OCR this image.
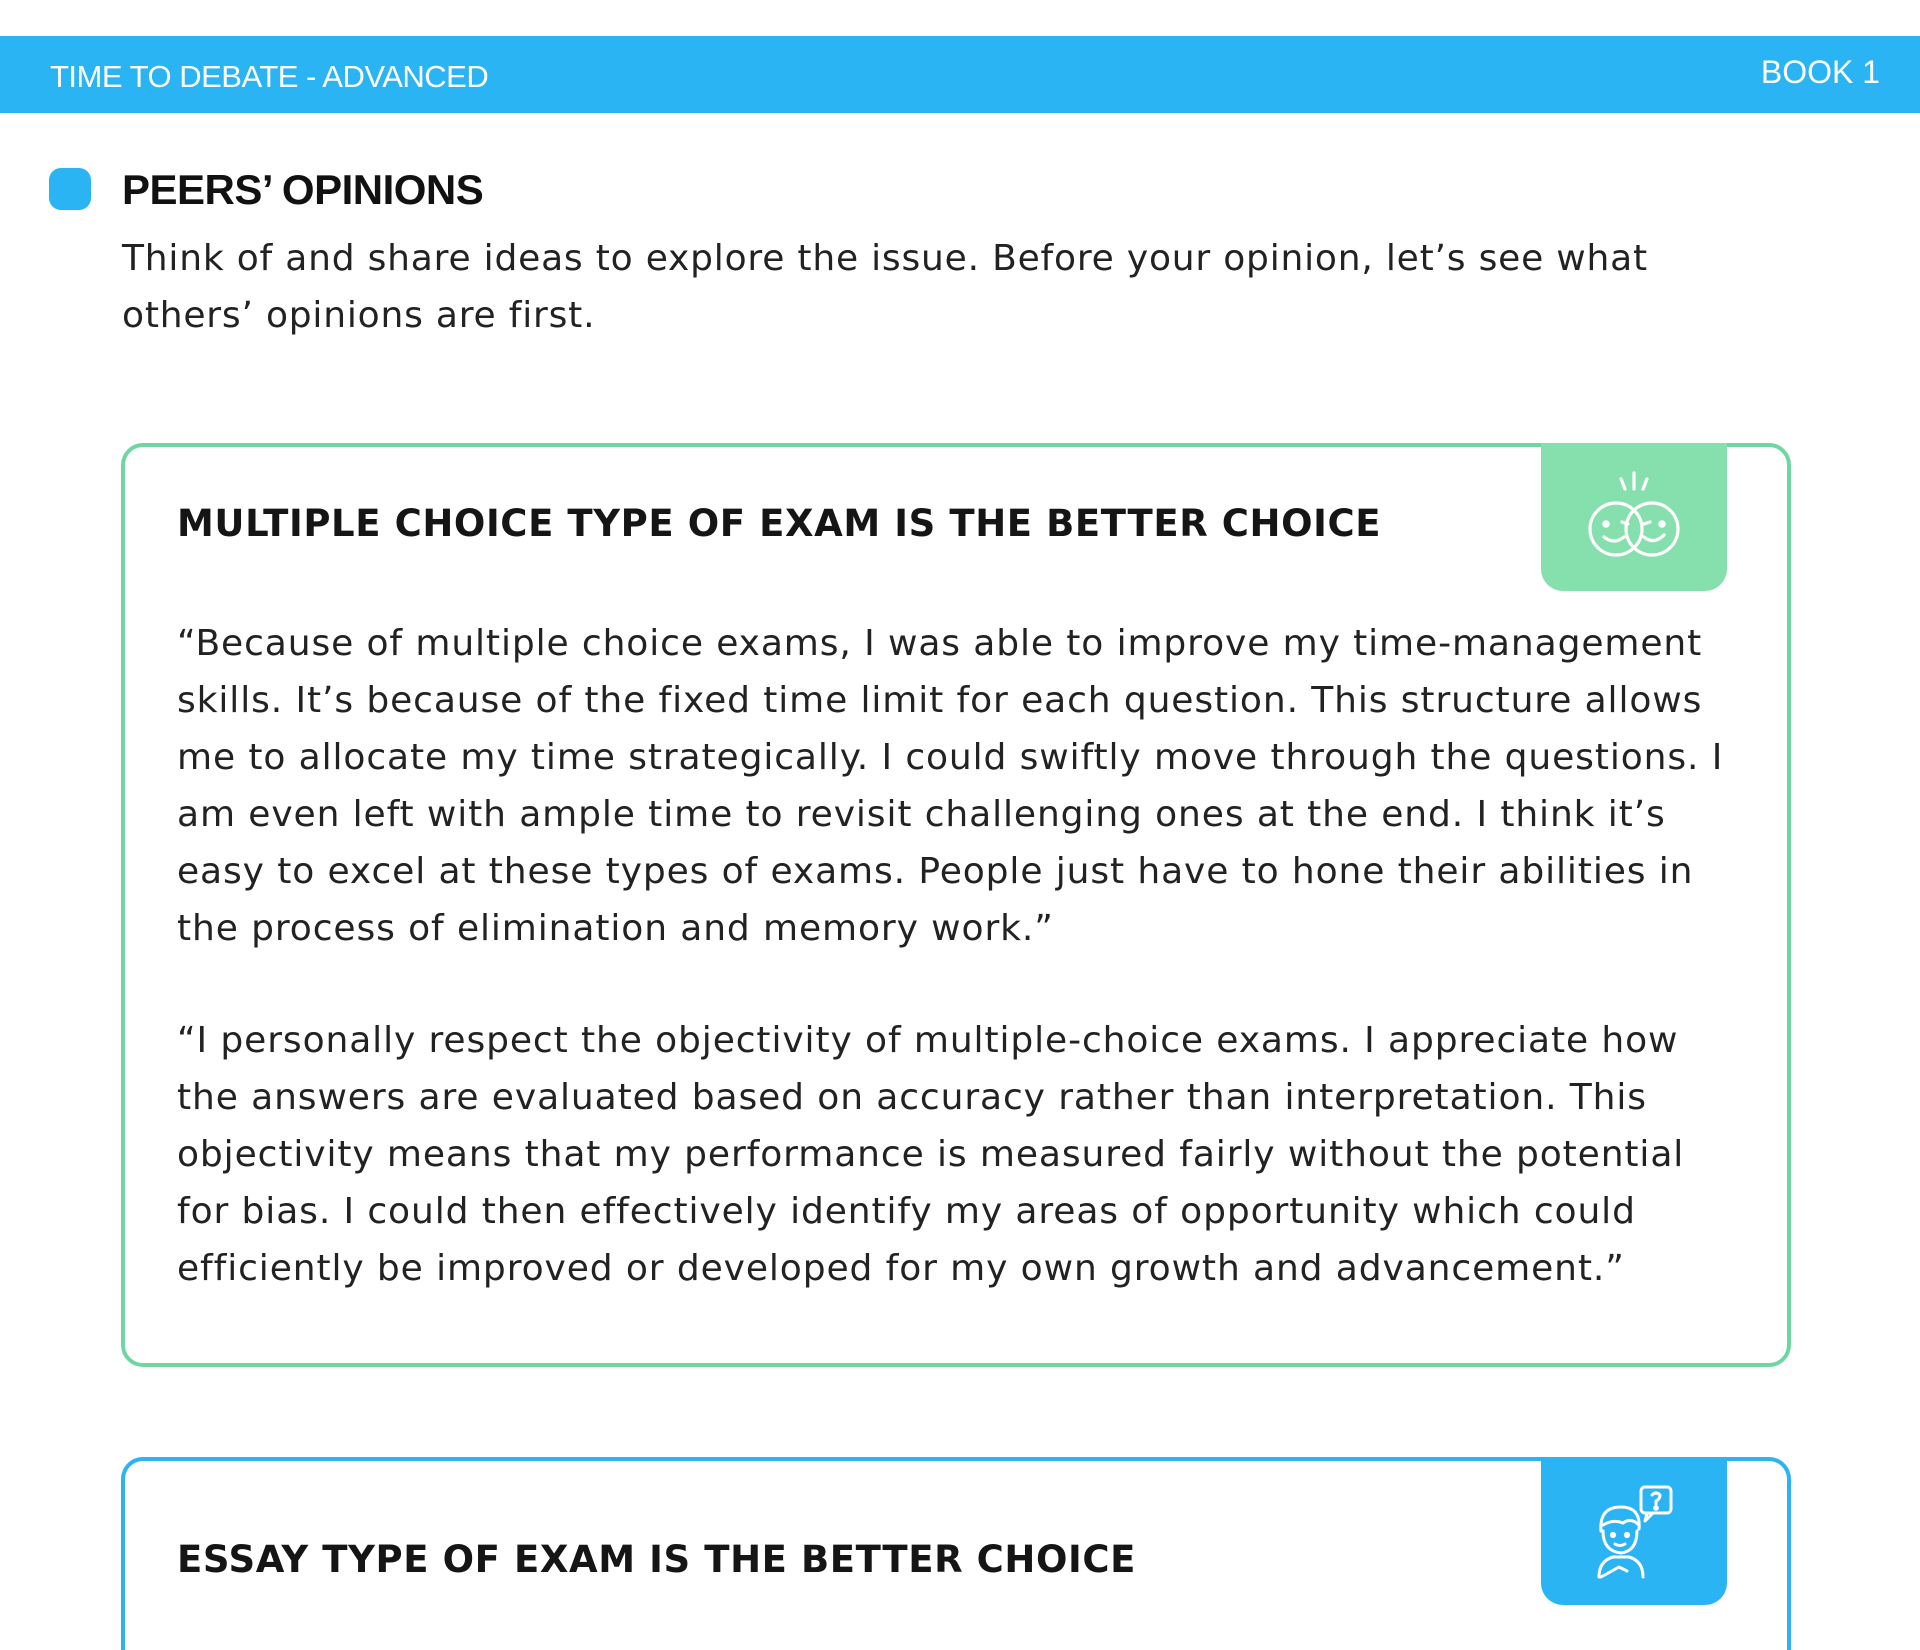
TIME TO DEBATE - ADVANCED	BOOK 1
PEERS’ OPINIONS
Think of and share ideas to explore the issue. Before your opinion, let’s see what others’ opinions are first.
MULTIPLE CHOICE TYPE OF EXAM IS THE BETTER CHOICE

“Because of multiple choice exams, I was able to improve my time-management skills. It’s because of the fixed time limit for each question. This structure allows me to allocate my time strategically. I could swiftly move through the questions. I am even left with ample time to revisit challenging ones at the end. I think it’s easy to excel at these types of exams. People just have to hone their abilities in the process of elimination and memory work.”

“I personally respect the objectivity of multiple-choice exams. I appreciate how the answers are evaluated based on accuracy rather than interpretation. This objectivity means that my performance is measured fairly without the potential for bias. I could then effectively identify my areas of opportunity which could efficiently be improved or developed for my own growth and advancement.”

ESSAY TYPE OF EXAM IS THE BETTER CHOICE
